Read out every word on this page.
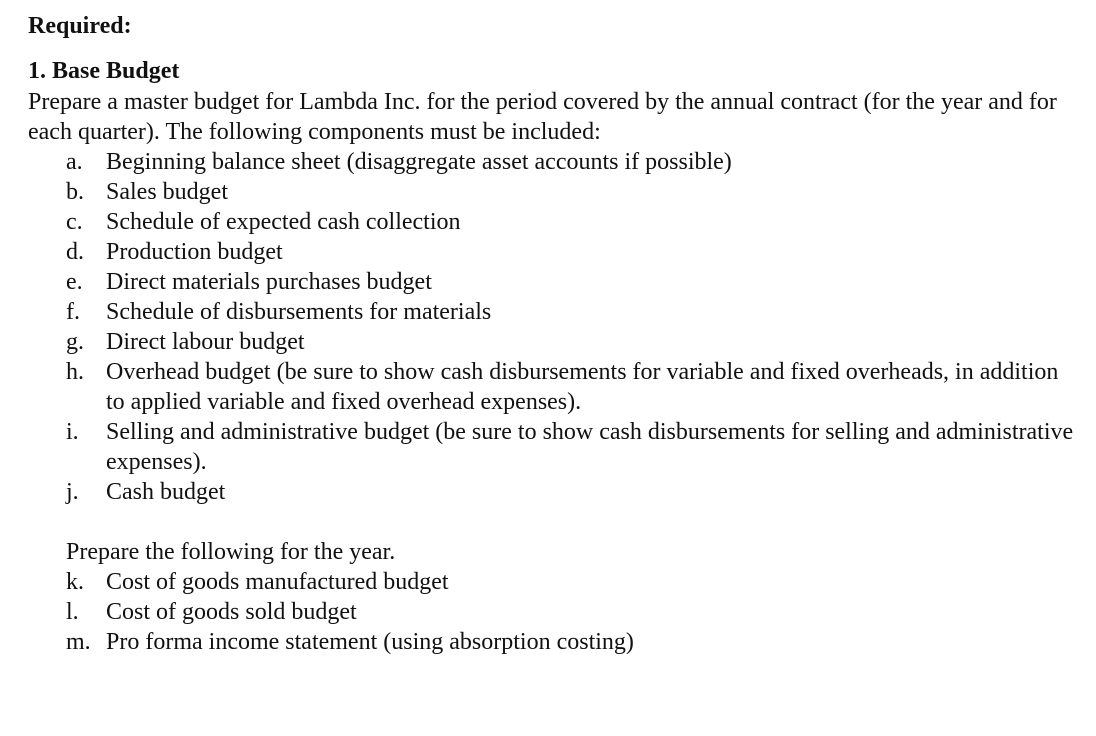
Required:

1. Base Budget

Prepare a master budget for Lambda Inc. for the period covered by the annual contract (for the year and for each quarter). The following components must be included:

a. Beginning balance sheet (disaggregate asset accounts if possible)
b. Sales budget
c. Schedule of expected cash collection
d. Production budget
e. Direct materials purchases budget
f.	Schedule of disbursements for materials
g. Direct labour budget
h. Overhead budget (be sure to show cash disbursements for variable and fixed overheads, in addition to applied variable and fixed overhead expenses).
i.	Selling and administrative budget (be sure to show cash disbursements for selling and administrative expenses).
j.	Cash budget

Prepare the following for the year.

k. Cost of goods manufactured budget
l.	Cost of goods sold budget
m. Pro forma income statement (using absorption costing)
